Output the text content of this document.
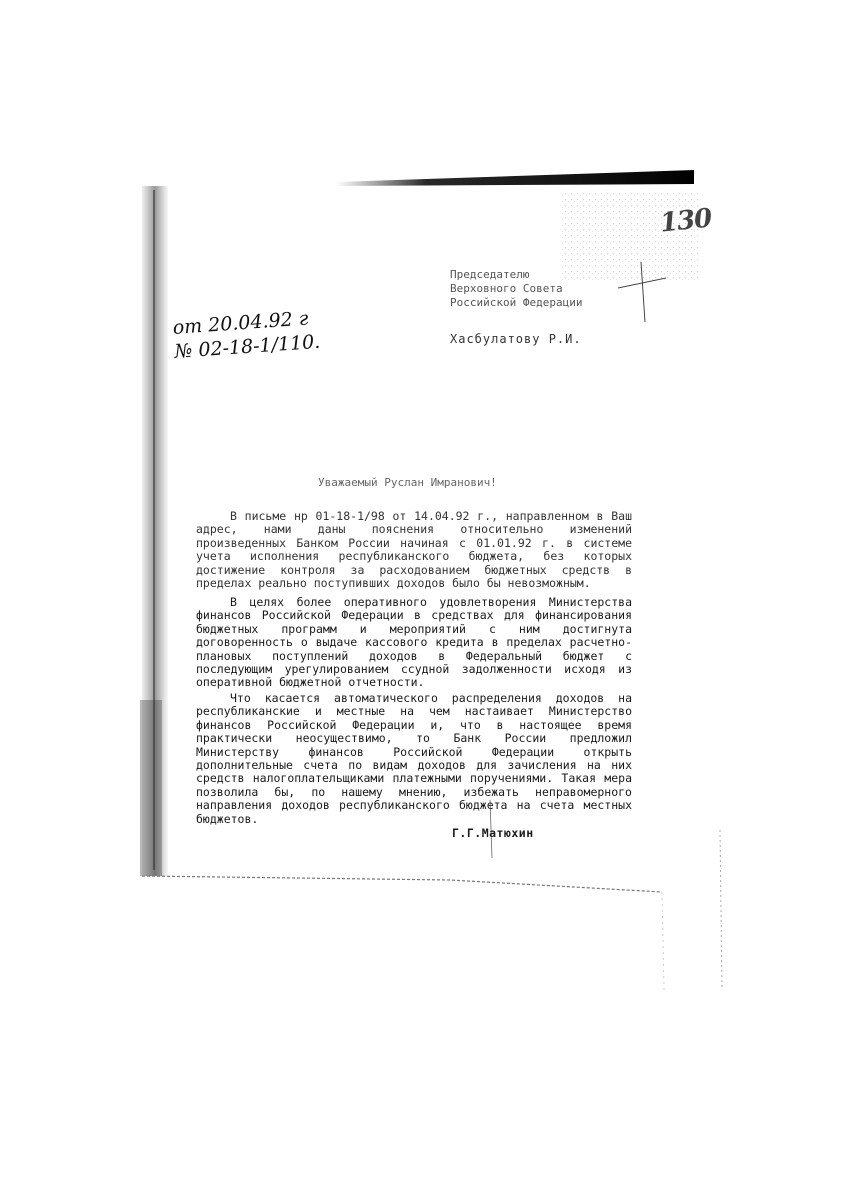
130
Председателю
Верховного Совета
Российской Федерации
Хасбулатову Р.И.
от 20.04.92 г
№ 02-18-1/110.
Уважаемый Руслан Имранович!
В письме нр 01-18-1/98 от 14.04.92 г., направленном в Ваш адрес, нами даны пояснения относительно изменений произведенных Банком России начиная с 01.01.92 г. в системе учета исполнения республиканского бюджета, без которых достижение контроля за расходованием бюджетных средств в пределах реально поступивших доходов было бы невозможным.
В целях более оперативного удовлетворения Министерства финансов Российской Федерации в средствах для финансирования бюджетных программ и мероприятий с ним достигнута договоренность о выдаче кассового кредита в пределах расчетно-плановых поступлений доходов в Федеральный бюджет с последующим урегулированием ссудной задолженности исходя из оперативной бюджетной отчетности.
Что касается автоматического распределения доходов на республиканские и местные на чем настаивает Министерство финансов Российской Федерации и, что в настоящее время практически неосуществимо, то Банк России предложил Министерству финансов Российской Федерации открыть дополнительные счета по видам доходов для зачисления на них средств налогоплательщиками платежными поручениями. Такая мера позволила бы, по нашему мнению, избежать неправомерного направления доходов республиканского бюджета на счета местных бюджетов.
Г.Г.Матюхин
